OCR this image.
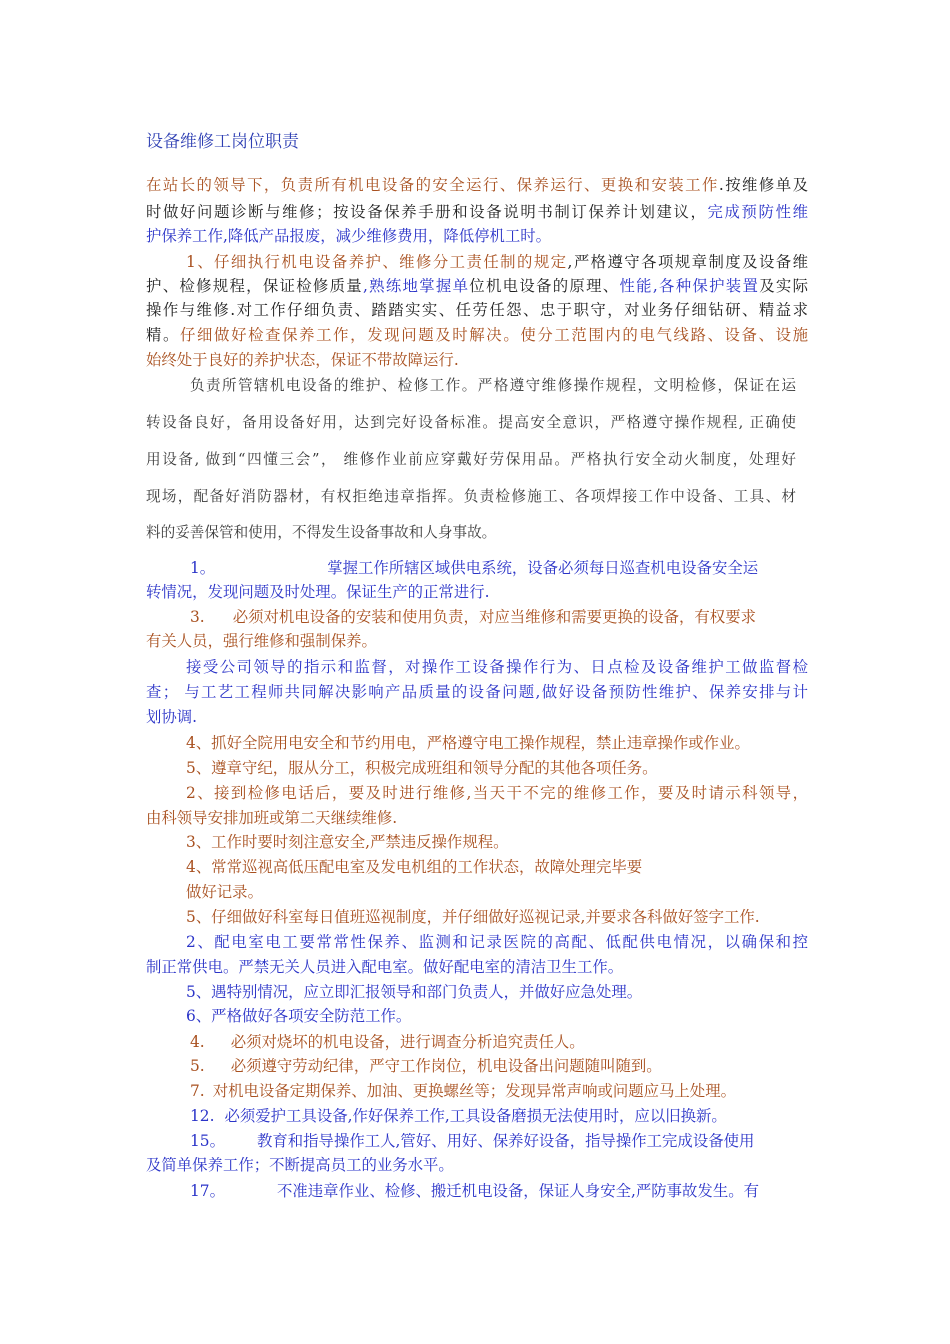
设备维修工岗位职责
在站长的领导下，负责所有机电设备的安全运行、保养运行、更换和安装工作.按维修单及
时做好问题诊断与维修；按设备保养手册和设备说明书制订保养计划建议，完成预防性维
护保养工作,降低产品报废，减少维修费用，降低停机工时。
1、仔细执行机电设备养护、维修分工责任制的规定,严格遵守各项规章制度及设备维
护、检修规程，保证检修质量,熟练地掌握单位机电设备的原理、性能,各种保护装置及实际
操作与维修.对工作仔细负责、踏踏实实、任劳任怨、忠于职守，对业务仔细钻研、精益求
精。仔细做好检查保养工作，发现问题及时解决。使分工范围内的电气线路、设备、设施
始终处于良好的养护状态，保证不带故障运行.
负责所管辖机电设备的维护、检修工作。严格遵守维修操作规程，文明检修，保证在运
转设备良好，备用设备好用，达到完好设备标准。提高安全意识，严格遵守操作规程, 正确使
用设备, 做到“四懂三会”， 维修作业前应穿戴好劳保用品。严格执行安全动火制度，处理好
现场，配备好消防器材，有权拒绝违章指挥。负责检修施工、各项焊接工作中设备、工具、材
料的妥善保管和使用，不得发生设备事故和人身事故。
1。	掌握工作所辖区域供电系统，设备必须每日巡查机电设备安全运
转情况，发现问题及时处理。保证生产的正常进行.
3. 必须对机电设备的安装和使用负责，对应当维修和需要更换的设备，有权要求
有关人员，强行维修和强制保养。
接受公司领导的指示和监督，对操作工设备操作行为、日点检及设备维护工做监督检
查； 与工艺工程师共同解决影响产品质量的设备问题,做好设备预防性维护、保养安排与计
划协调.
4、抓好全院用电安全和节约用电，严格遵守电工操作规程，禁止违章操作或作业。
5、遵章守纪，服从分工，积极完成班组和领导分配的其他各项任务。
2、接到检修电话后，要及时进行维修,当天干不完的维修工作，要及时请示科领导，
由科领导安排加班或第二天继续维修.
3、工作时要时刻注意安全,严禁违反操作规程。
4、常常巡视高低压配电室及发电机组的工作状态，故障处理完毕要
做好记录。
5、仔细做好科室每日值班巡视制度，并仔细做好巡视记录,并要求各科做好签字工作.
2、配电室电工要常常性保养、监测和记录医院的高配、低配供电情况，以确保和控
制正常供电。严禁无关人员进入配电室。做好配电室的清洁卫生工作。
5、遇特别情况，应立即汇报领导和部门负责人，并做好应急处理。
6、严格做好各项安全防范工作。
4. 必须对烧坏的机电设备，进行调查分析追究责任人。
5. 必须遵守劳动纪律，严守工作岗位，机电设备出问题随叫随到。
7. 对机电设备定期保养、加油、更换螺丝等；发现异常声响或问题应马上处理。
12. 必须爱护工具设备,作好保养工作,工具设备磨损无法使用时，应以旧换新。
15。 教育和指导操作工人,管好、用好、保养好设备，指导操作工完成设备使用
及简单保养工作；不断提高员工的业务水平。
17。	不准违章作业、检修、搬迁机电设备，保证人身安全,严防事故发生。有
